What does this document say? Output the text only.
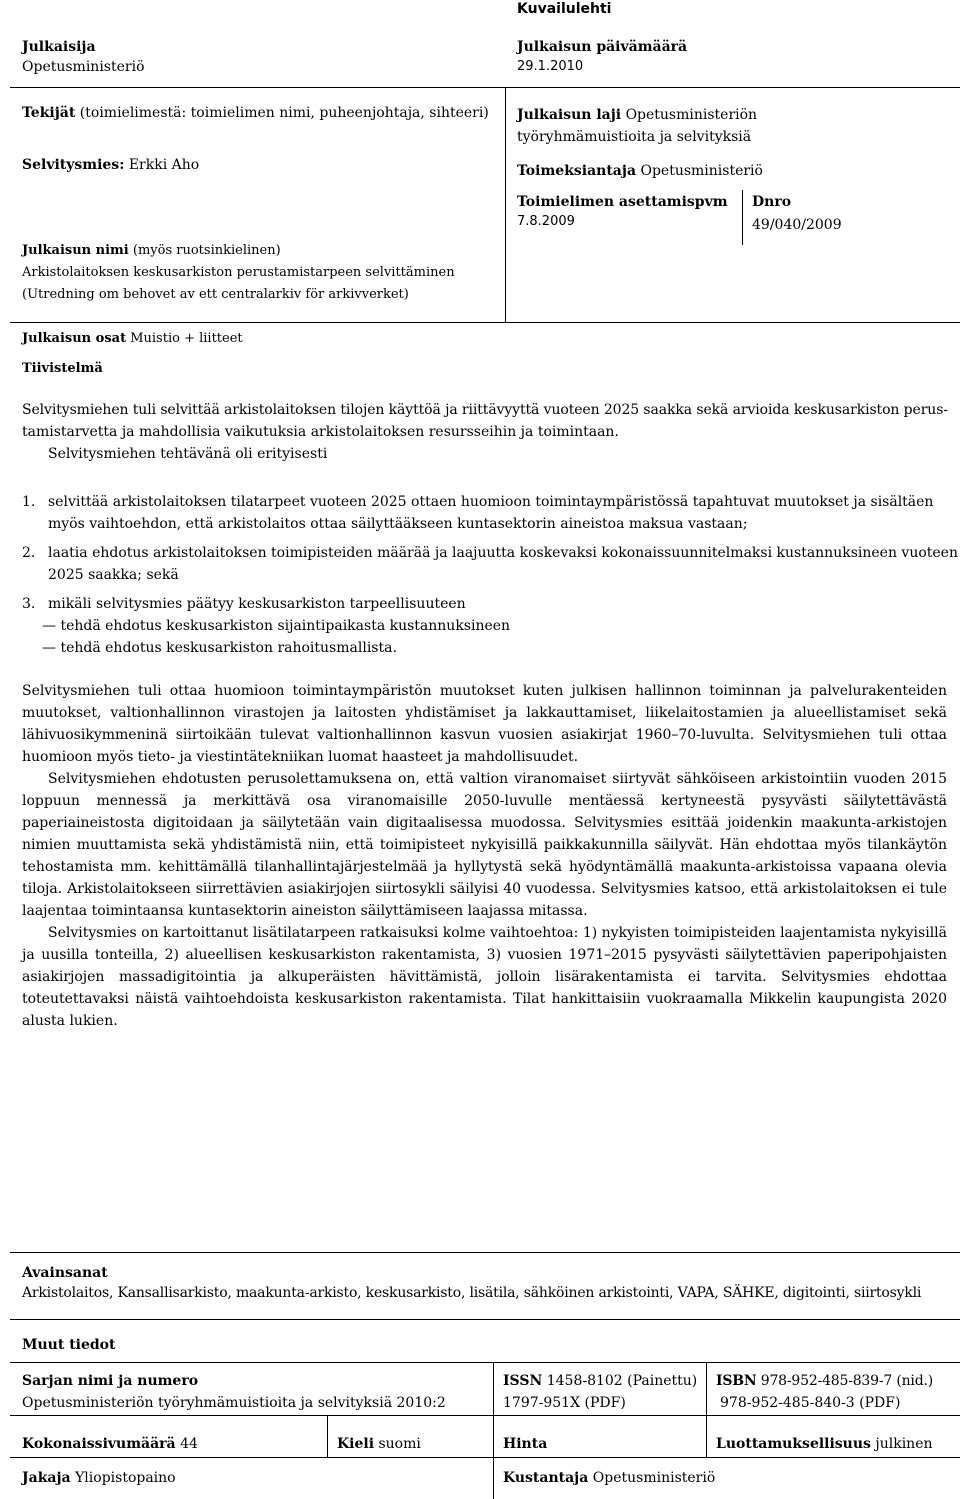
Kuvailulehti
Julkaisija
Opetusministeriö
Julkaisun päivämäärä
29.1.2010
Tekijät (toimielimestä: toimielimen nimi, puheenjohtaja, sihteeri)
Selvitysmies: Erkki Aho
Julkaisun nimi (myös ruotsinkielinen)
Arkistolaitoksen keskusarkiston perustamistarpeen selvittäminen
(Utredning om behovet av ett centralarkiv för arkivverket)
Julkaisun laji Opetusministeriön työryhmämuistioita ja selvityksiä
Toimeksiantaja Opetusministeriö
Toimielimen asettamispvm
7.8.2009
Dnro
49/040/2009
Julkaisun osat Muistio + liitteet
Tiivistelmä
Selvitysmiehen tuli selvittää arkistolaitoksen tilojen käyttöä ja riittävyyttä vuoteen 2025 saakka sekä arvioida keskusarkiston perus-
tamistarvetta ja mahdollisia vaikutuksia arkistolaitoksen resursseihin ja toimintaan.
Selvitysmiehen tehtävänä oli erityisesti
1. selvittää arkistolaitoksen tilatarpeet vuoteen 2025 ottaen huomioon toimintaympäristössä tapahtuvat muutokset ja sisältäen
myös vaihtoehdon, että arkistolaitos ottaa säilyttääkseen kuntasektorin aineistoa maksua vastaan;
2. laatia ehdotus arkistolaitoksen toimipisteiden määrää ja laajuutta koskevaksi kokonaissuunnitelmaksi kustannuksineen vuoteen
2025 saakka; sekä
3. mikäli selvitysmies päätyy keskusarkiston tarpeellisuuteen
— tehdä ehdotus keskusarkiston sijaintipaikasta kustannuksineen
— tehdä ehdotus keskusarkiston rahoitusmallista.

Selvitysmiehen tuli ottaa huomioon toimintaympäristön muutokset kuten julkisen hallinnon toiminnan ja palvelurakenteiden muutokset, valtionhallinnon virastojen ja laitosten yhdistämiset ja lakkauttamiset, liikelaitostamien ja alueellistamiset sekä lähivuosikymmeninä siirtoikään tulevat valtionhallinnon kasvun vuosien asiakirjat 1960–70-luvulta. Selvitysmiehen tuli ottaa huomioon myös tieto- ja viestintätekniikan luomat haasteet ja mahdollisuudet.

Selvitysmiehen ehdotusten perusolettamuksena on, että valtion viranomaiset siirtyvät sähköiseen arkistointiin vuoden 2015 loppuun mennessä ja merkittävä osa viranomaisille 2050-luvulle mentäessä kertyneestä pysyvästi säilytettävästä paperiaineistosta digitoidaan ja säilytetään vain digitaalisessa muodossa. Selvitysmies esittää joidenkin maakunta-arkistojen nimien muuttamista sekä yhdistämistä niin, että toimipisteet nykyisillä paikkakunnilla säilyvät. Hän ehdottaa myös tilankäytön tehostamista mm. kehittämällä tilanhallintajärjestelmää ja hyllytystä sekä hyödyntämällä maakunta-arkistoissa vapaana olevia tiloja. Arkistolaitokseen siirrettävien asiakirjojen siirtosykli säilyisi 40 vuodessa. Selvitysmies katsoo, että arkistolaitoksen ei tule laajentaa toimintaansa kuntasektorin aineiston säilyttämiseen laajassa mitassa.

Selvitysmies on kartoittanut lisätilatarpeen ratkaisuksi kolme vaihtoehtoa: 1) nykyisten toimipisteiden laajentamista nykyisillä ja uusilla tonteilla, 2) alueellisen keskusarkiston rakentamista, 3) vuosien 1971–2015 pysyvästi säilytettävien paperipohjaisten asiakirjojen massadigitointia ja alkuperäisten hävittämistä, jolloin lisärakentamista ei tarvita. Selvitysmies ehdottaa toteutettavaksi näistä vaihtoehdoista keskusarkiston rakentamista. Tilat hankittaisiin vuokraamalla Mikkelin kaupungista 2020 alusta lukien.

Avainsanat
Arkistolaitos, Kansallisarkisto, maakunta-arkisto, keskusarkisto, lisätila, sähköinen arkistointi, VAPA, SÄHKE, digitointi, siirtosykli
Muut tiedot
Sarjan nimi ja numero
Opetusministeriön työryhmämuistioita ja selvityksiä 2010:2
ISSN 1458-8102 (Painettu)
1797-951X (PDF)
ISBN 978-952-485-839-7 (nid.)
978-952-485-840-3 (PDF)
Kokonaissivumäärä 44	Kieli suomi	Hinta	Luottamuksellisuus julkinen
Jakaja Yliopistopaino	Kustantaja Opetusministeriö
